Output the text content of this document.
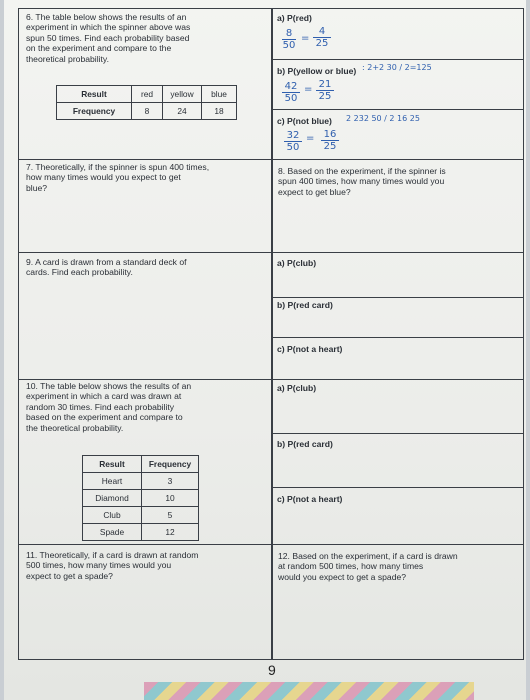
6. The table below shows the results of an
experiment in which the spinner above was
spun 50 times. Find each probability based
on the experiment and compare to the
theoretical probability.
Result	red	yellow	blue
Frequency	8	24	18
a) P(red)
8
50
=
4
25
b) P(yellow or blue) : 2+2 30 / 2=125
42
50
= 21
25
c) P(not blue) 2 232 50 / 2 16 25
32
50
= 16
25
7. Theoretically, if the spinner is spun 400 times,
how many times would you expect to get
blue?
8. Based on the experiment, if the spinner is
spun 400 times, how many times would you
expect to get blue?
9. A card is drawn from a standard deck of
cards. Find each probability.
a) P(club)
b) P(red card)
c) P(not a heart)
10. The table below shows the results of an
experiment in which a card was drawn at
random 30 times. Find each probability
based on the experiment and compare to
the theoretical probability.
Result	Frequency
Heart	3
Diamond	10
Club	5
Spade	12
a) P(club)
b) P(red card)
c) P(not a heart)
11. Theoretically, if a card is drawn at random
500 times, how many times would you
expect to get a spade?
12. Based on the experiment, if a card is drawn
at random 500 times, how many times
would you expect to get a spade?
9
